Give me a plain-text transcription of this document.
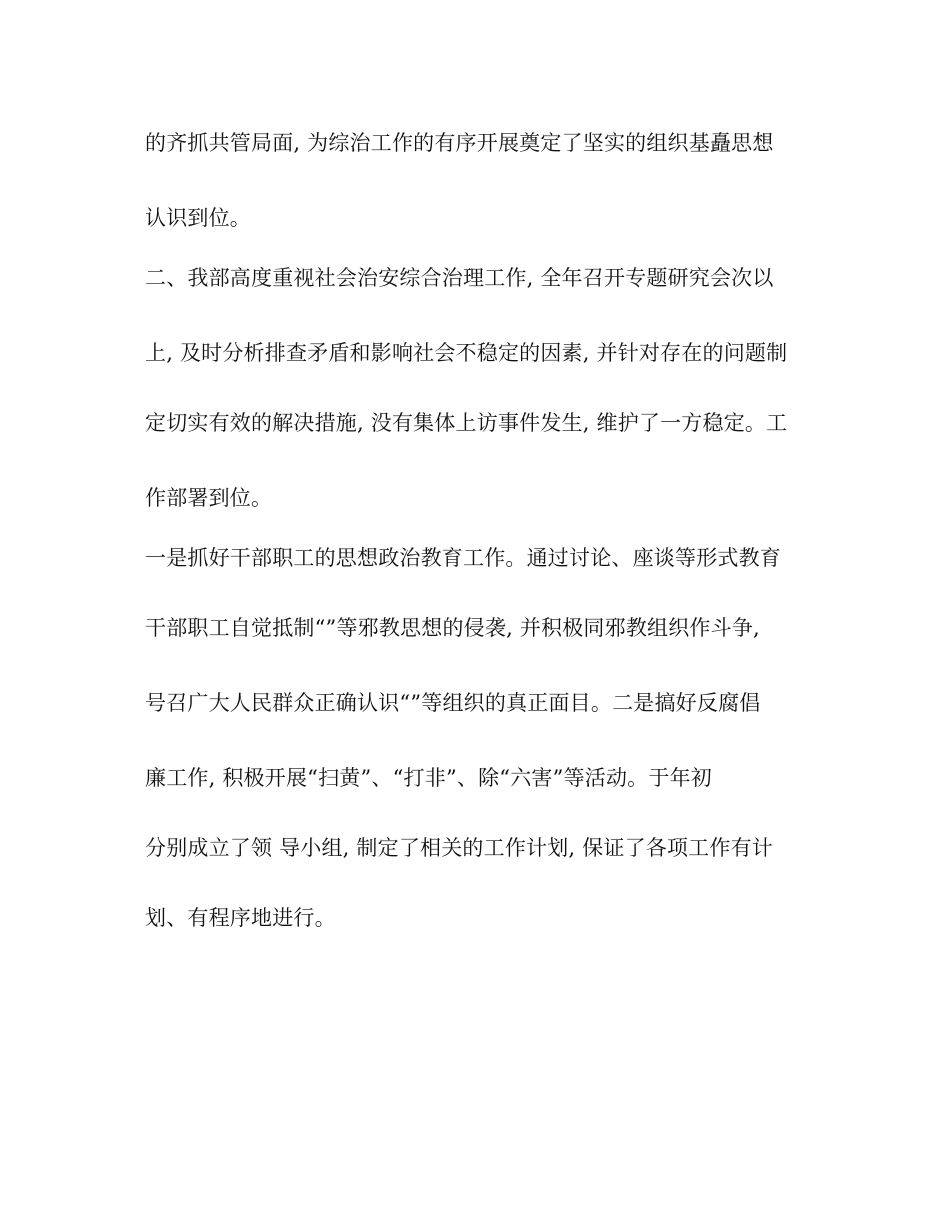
的齐抓共管局面, 为综治工作的有序开展奠定了坚实的组织基矗思想
认识到位。
二、我部高度重视社会治安综合治理工作, 全年召开专题研究会次以
上, 及时分析排查矛盾和影响社会不稳定的因素, 并针对存在的问题制
定切实有效的解决措施, 没有集体上访事件发生, 维护了一方稳定。工
作部署到位。
一是抓好干部职工的思想政治教育工作。通过讨论、座谈等形式教育
干部职工自觉抵制“”等邪教思想的侵袭, 并积极同邪教组织作斗争,
号召广大人民群众正确认识“”等组织的真正面目。二是搞好反腐倡
廉工作, 积极开展“扫黄”、“打非”、除“六害”等活动。于年初
分别成立了领 导小组, 制定了相关的工作计划, 保证了各项工作有计
划、有程序地进行。
